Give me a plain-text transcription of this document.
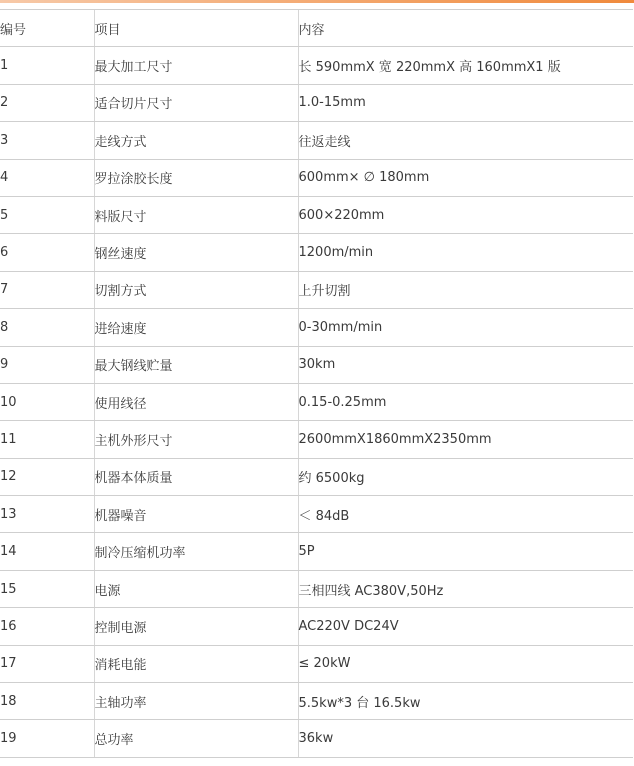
编号	项目	内容
1	最大加工尺寸	长 590mmX 宽 220mmX 高 160mmX1 版
2	适合切片尺寸	1.0-15mm
3	走线方式	往返走线
4	罗拉涂胶长度	600mm× ∅ 180mm
5	料版尺寸	600×220mm
6	钢丝速度	1200m/min
7	切割方式	上升切割
8	进给速度	0-30mm/min
9	最大钢线贮量	30km
10	使用线径	0.15-0.25mm
11	主机外形尺寸	2600mmX1860mmX2350mm
12	机器本体质量	约 6500kg
13	机器噪音	＜ 84dB
14	制冷压缩机功率	5P
15	电源	三相四线 AC380V,50Hz
16	控制电源	AC220V DC24V
17	消耗电能	≤ 20kW
18	主轴功率	5.5kw*3 台 16.5kw
19	总功率	36kw
